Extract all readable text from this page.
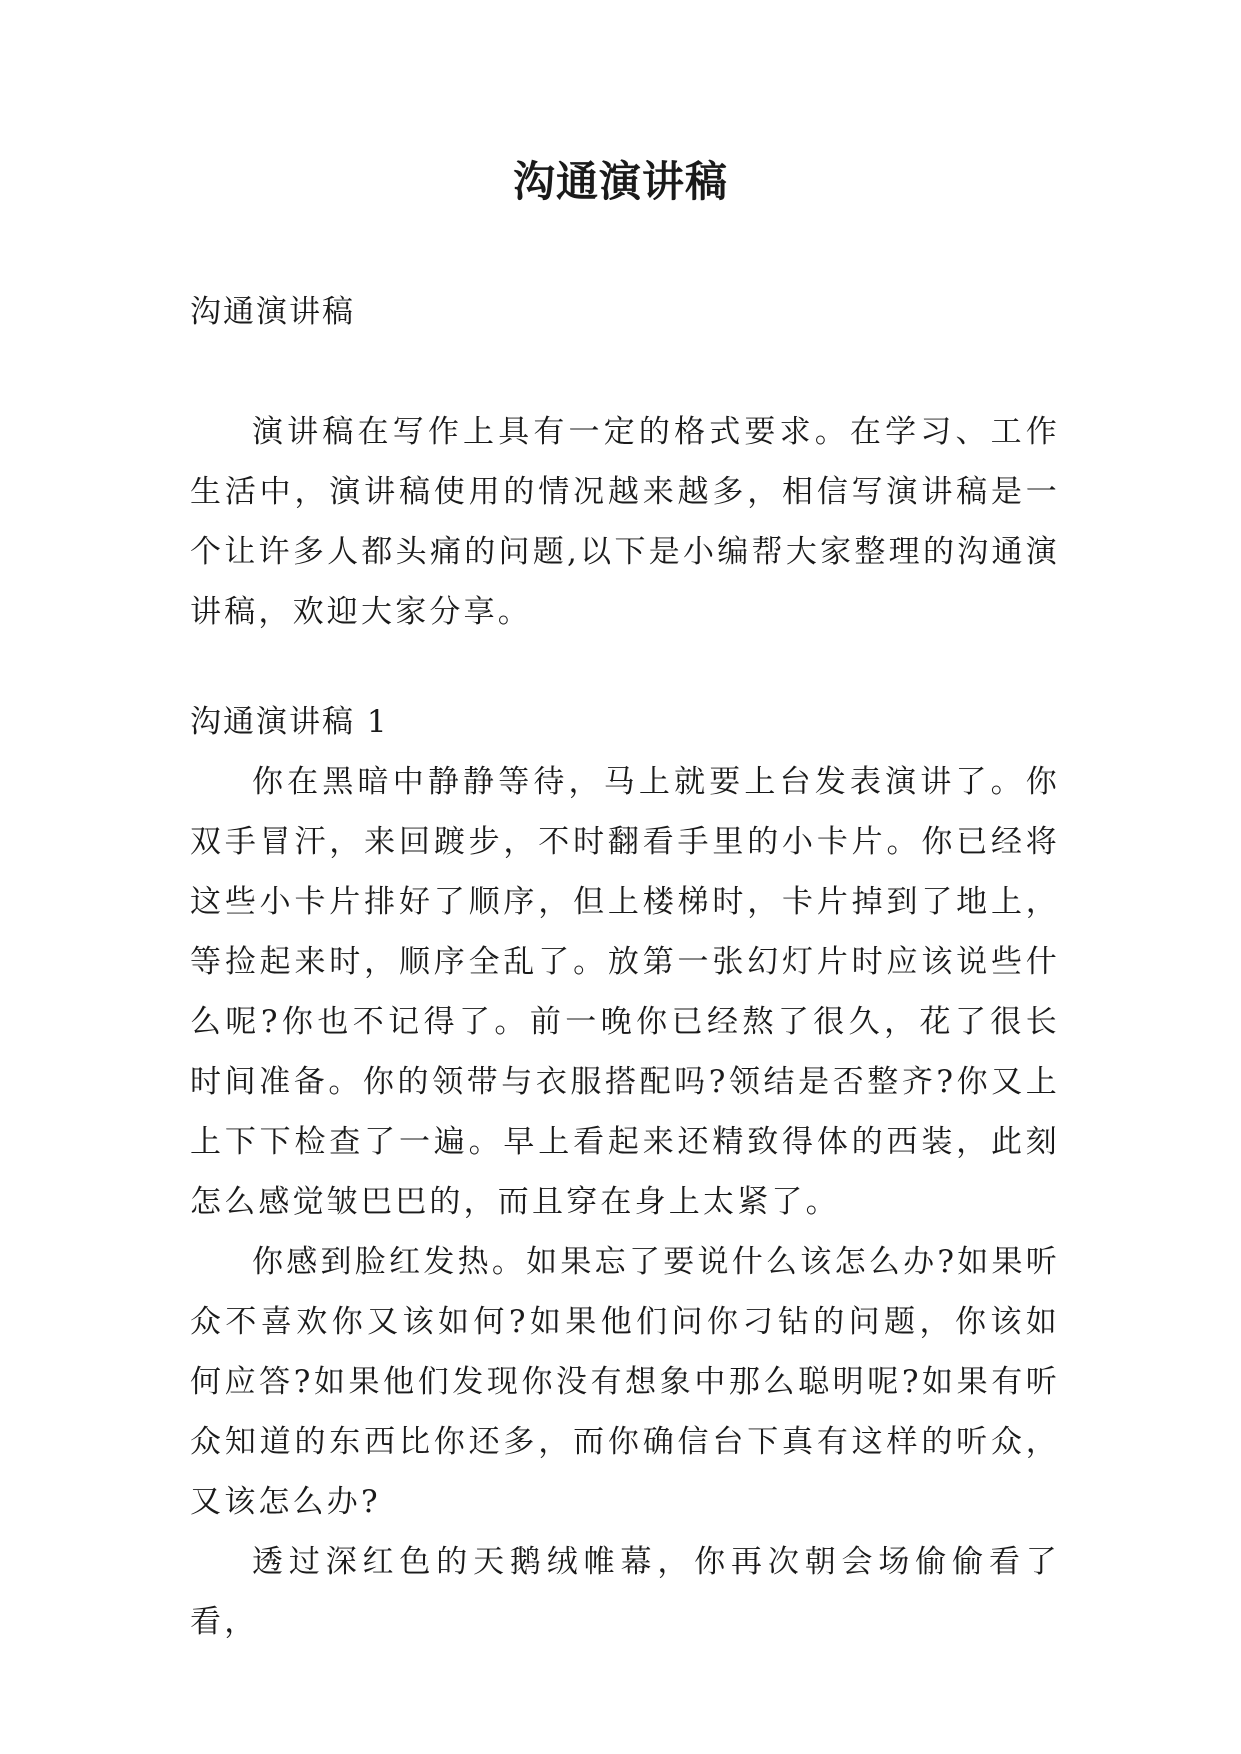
沟通演讲稿
沟通演讲稿

演讲稿在写作上具有一定的格式要求。在学习、工作生活中，演讲稿使用的情况越来越多，相信写演讲稿是一个让许多人都头痛的问题,以下是小编帮大家整理的沟通演讲稿，欢迎大家分享。

沟通演讲稿 1

你在黑暗中静静等待，马上就要上台发表演讲了。你双手冒汗，来回踱步，不时翻看手里的小卡片。你已经将这些小卡片排好了顺序，但上楼梯时，卡片掉到了地上，等捡起来时，顺序全乱了。放第一张幻灯片时应该说些什么呢?你也不记得了。前一晚你已经熬了很久，花了很长时间准备。你的领带与衣服搭配吗?领结是否整齐?你又上上下下检查了一遍。早上看起来还精致得体的西装，此刻怎么感觉皱巴巴的，而且穿在身上太紧了。

你感到脸红发热。如果忘了要说什么该怎么办?如果听众不喜欢你又该如何?如果他们问你刁钻的问题，你该如何应答?如果他们发现你没有想象中那么聪明呢?如果有听众知道的东西比你还多，而你确信台下真有这样的听众，又该怎么办?

透过深红色的天鹅绒帷幕，你再次朝会场偷偷看了看，
